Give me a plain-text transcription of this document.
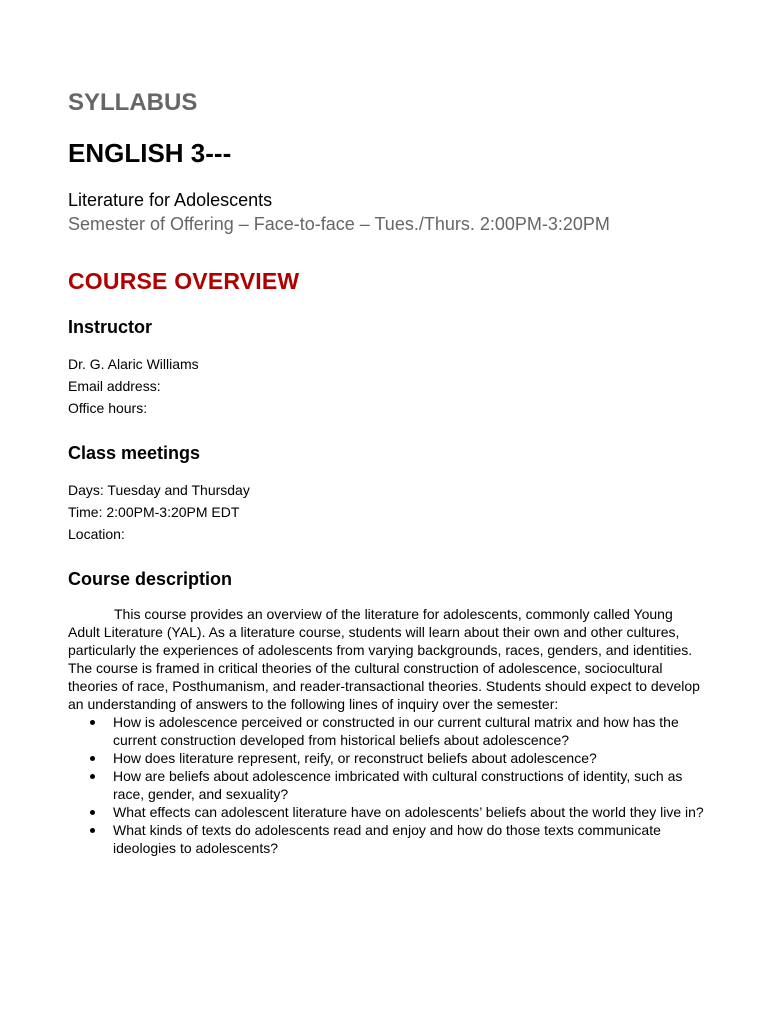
SYLLABUS
ENGLISH 3---

Literature for Adolescents

Semester of Offering – Face-to-face – Tues./Thurs. 2:00PM-3:20PM

COURSE OVERVIEW
Instructor

Dr. G. Alaric Williams

Email address:

Office hours:

Class meetings

Days: Tuesday and Thursday

Time: 2:00PM-3:20PM EDT

Location:

Course description

This course provides an overview of the literature for adolescents, commonly called Young Adult Literature (YAL). As a literature course, students will learn about their own and other cultures, particularly the experiences of adolescents from varying backgrounds, races, genders, and identities. The course is framed in critical theories of the cultural construction of adolescence, sociocultural theories of race, Posthumanism, and reader-transactional theories. Students should expect to develop an understanding of answers to the following lines of inquiry over the semester:

How is adolescence perceived or constructed in our current cultural matrix and how has the current construction developed from historical beliefs about adolescence?
How does literature represent, reify, or reconstruct beliefs about adolescence?
How are beliefs about adolescence imbricated with cultural constructions of identity, such as race, gender, and sexuality?
What effects can adolescent literature have on adolescents’ beliefs about the world they live in?
What kinds of texts do adolescents read and enjoy and how do those texts communicate ideologies to adolescents?
